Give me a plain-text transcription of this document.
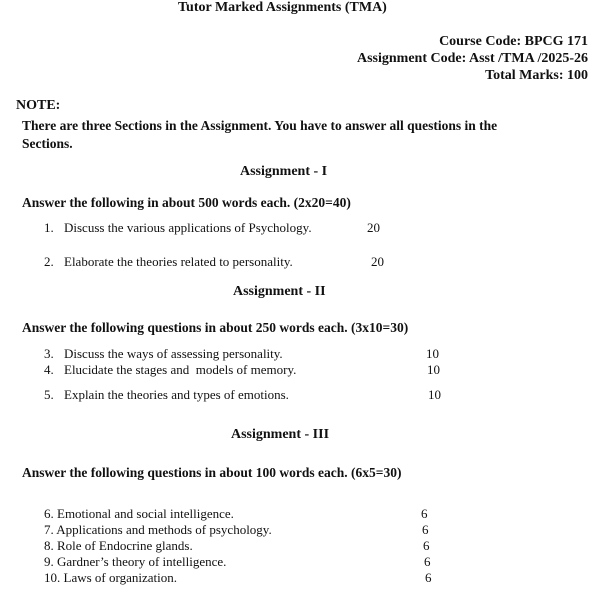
Tutor Marked Assignments (TMA)
Course Code: BPCG 171
Assignment Code: Asst /TMA /2025-26
Total Marks: 100
NOTE:
There are three Sections in the Assignment. You have to answer all questions in the
Sections.
Assignment - I
Answer the following in about 500 words each. (2x20=40)
1. Discuss the various applications of Psychology.	20
2. Elaborate the theories related to personality.	20
Assignment - II
Answer the following questions in about 250 words each. (3x10=30)
3. Discuss the ways of assessing personality.	10
4. Elucidate the stages and  models of memory.	10
5. Explain the theories and types of emotions.	10
Assignment - III
Answer the following questions in about 100 words each. (6x5=30)
6. Emotional and social intelligence.	6
7. Applications and methods of psychology.	6
8. Role of Endocrine glands.	6
9. Gardner’s theory of intelligence.	6
10. Laws of organization.	6
